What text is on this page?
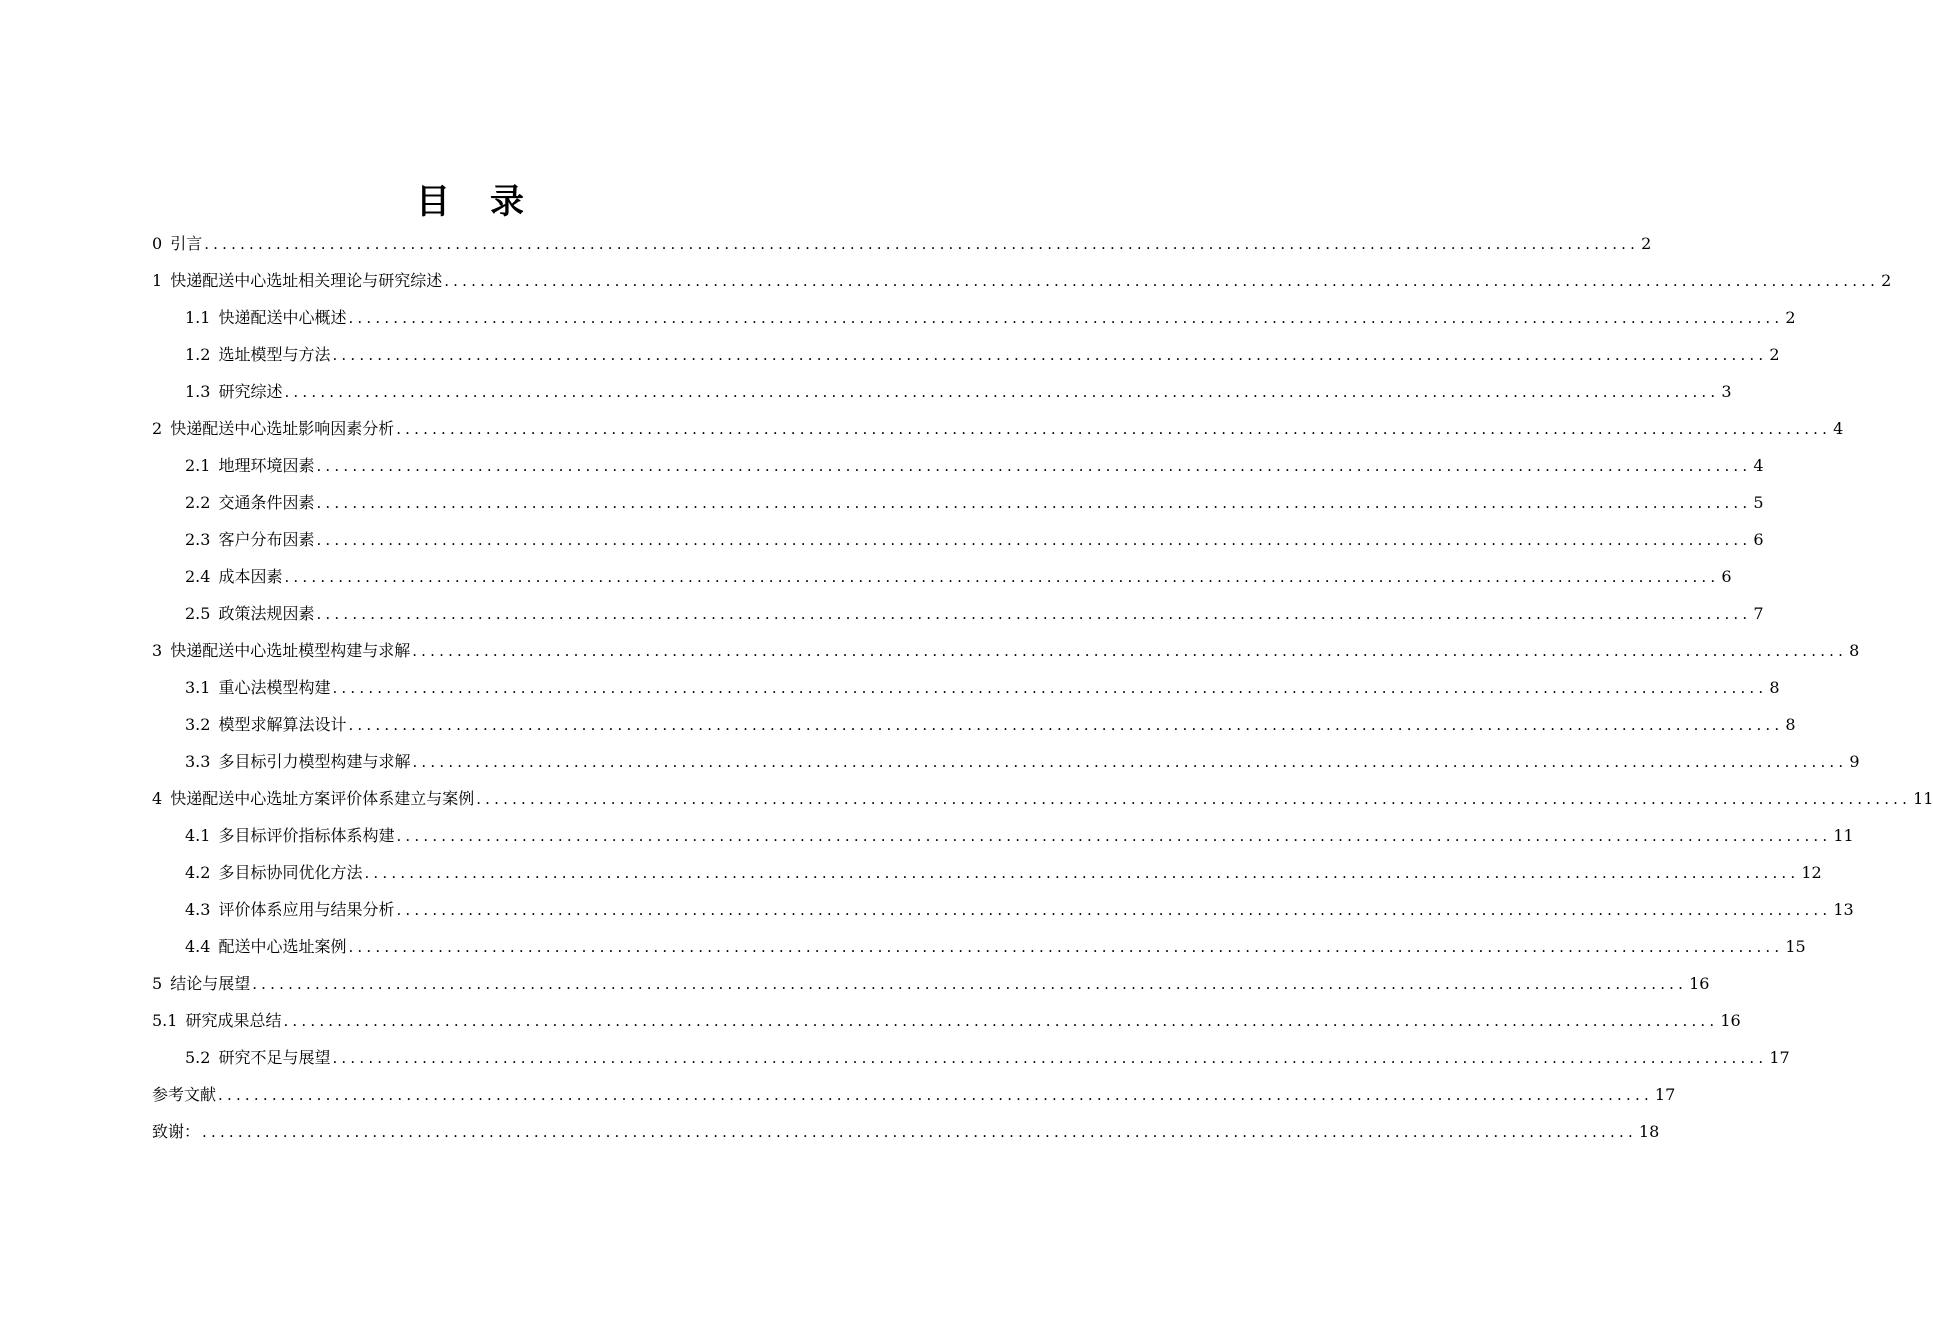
目录
0 引言 ................................................................................................................................................................ 2
1 快递配送中心选址相关理论与研究综述 ................................................................................................................................................................ 2
1.1 快递配送中心概述 ................................................................................................................................................................ 2
1.2 选址模型与方法 ................................................................................................................................................................ 2
1.3 研究综述 ................................................................................................................................................................ 3
2 快递配送中心选址影响因素分析 ................................................................................................................................................................ 4
2.1 地理环境因素 ................................................................................................................................................................ 4
2.2 交通条件因素 ................................................................................................................................................................ 5
2.3 客户分布因素 ................................................................................................................................................................ 6
2.4 成本因素 ................................................................................................................................................................ 6
2.5 政策法规因素 ................................................................................................................................................................ 7
3 快递配送中心选址模型构建与求解 ................................................................................................................................................................ 8
3.1 重心法模型构建 ................................................................................................................................................................ 8
3.2 模型求解算法设计 ................................................................................................................................................................ 8
3.3 多目标引力模型构建与求解 ................................................................................................................................................................ 9
4 快递配送中心选址方案评价体系建立与案例 ................................................................................................................................................................ 11
4.1 多目标评价指标体系构建 ................................................................................................................................................................ 11
4.2 多目标协同优化方法 ................................................................................................................................................................ 12
4.3 评价体系应用与结果分析 ................................................................................................................................................................ 13
4.4 配送中心选址案例 ................................................................................................................................................................ 15
5 结论与展望 ................................................................................................................................................................ 16
5.1 研究成果总结 ................................................................................................................................................................ 16
5.2 研究不足与展望 ................................................................................................................................................................ 17
参考文献 ................................................................................................................................................................ 17
致谢： ................................................................................................................................................................ 18
